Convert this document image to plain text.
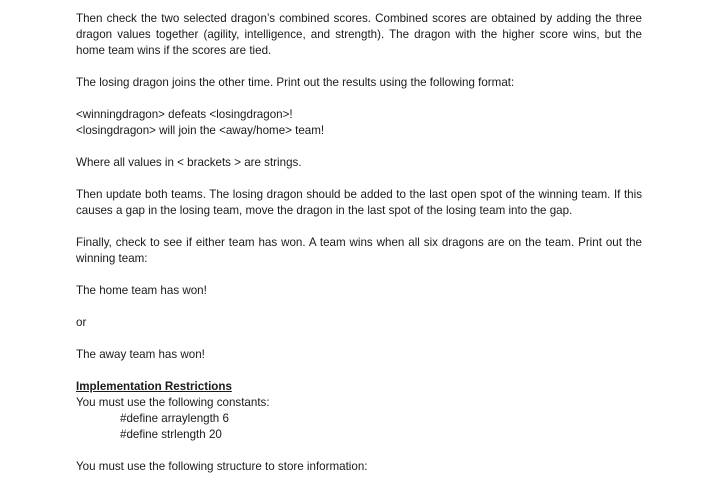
Then check the two selected dragon’s combined scores. Combined scores are obtained by adding the three dragon values together (agility, intelligence, and strength). The dragon with the higher score wins, but the home team wins if the scores are tied.
The losing dragon joins the other time. Print out the results using the following format:
<winningdragon> defeats <losingdragon>!
<losingdragon> will join the <away/home> team!
Where all values in < brackets > are strings.
Then update both teams. The losing dragon should be added to the last open spot of the winning team. If this causes a gap in the losing team, move the dragon in the last spot of the losing team into the gap.
Finally, check to see if either team has won. A team wins when all six dragons are on the team. Print out the winning team:
The home team has won!
or
The away team has won!
Implementation Restrictions
You must use the following constants:
#define arraylength 6
#define strlength 20
You must use the following structure to store information:
